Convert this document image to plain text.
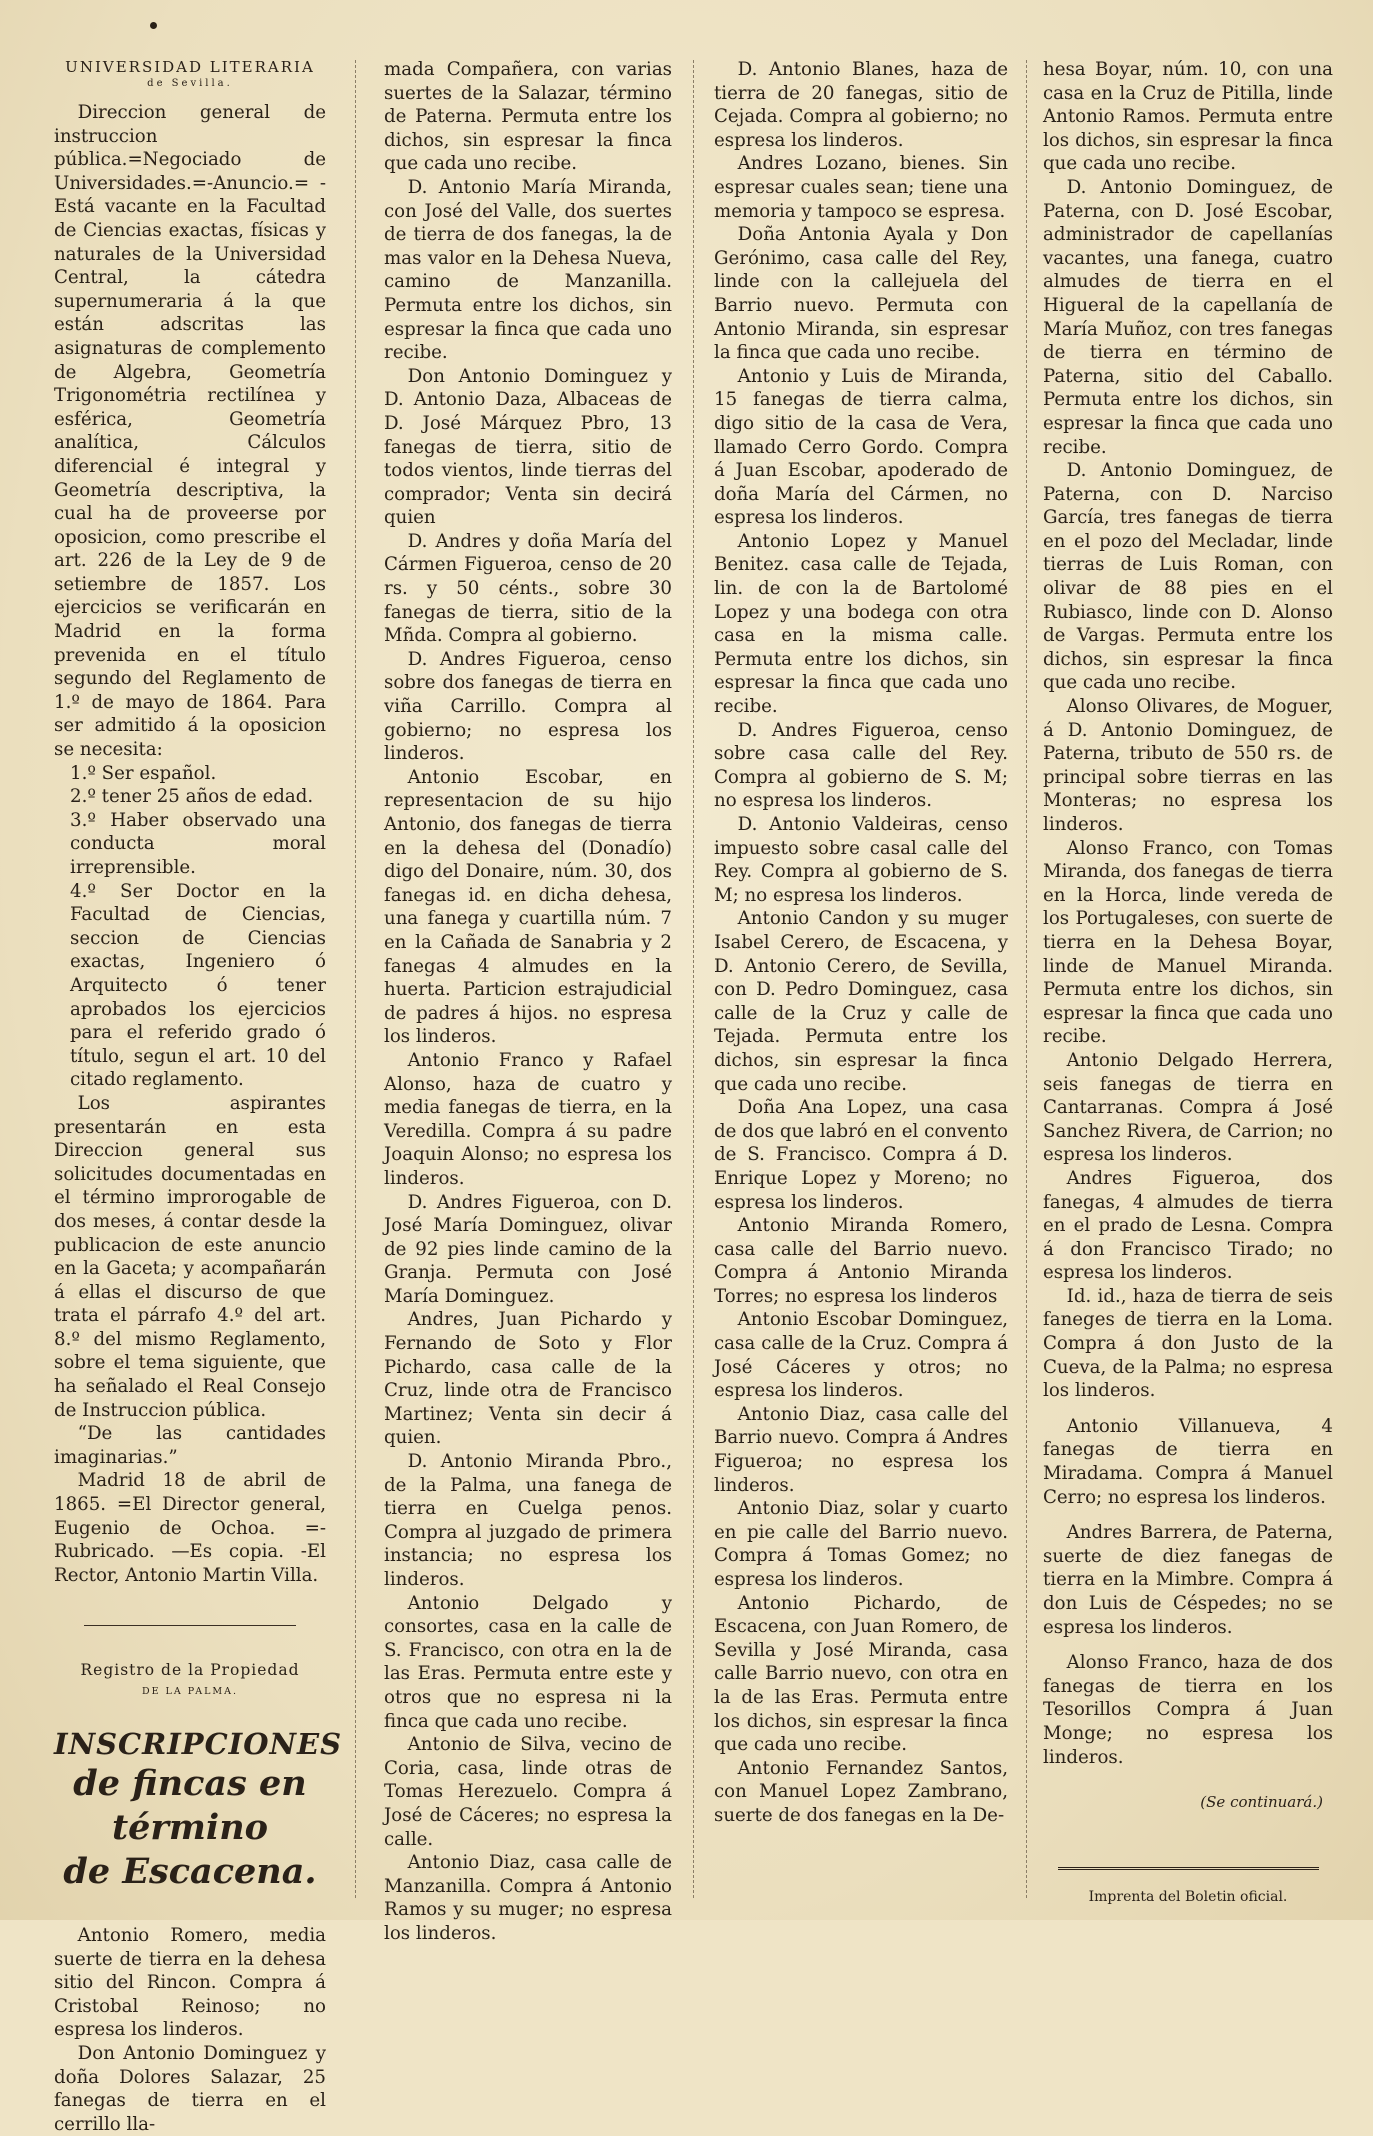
UNIVERSIDAD LITERARIA
de Sevilla.

Direccion general de instruccion pública.=Negociado de Universidades.=-Anuncio.= -Está vacante en la Facultad de Ciencias exactas, físicas y naturales de la Universidad Central, la cátedra supernumeraria á la que están adscritas las asignaturas de complemento de Algebra, Geometría Trigonométria rectilínea y esférica, Geometría analítica, Cálculos diferencial é integral y Geometría descriptiva, la cual ha de proveerse por oposicion, como prescribe el art. 226 de la Ley de 9 de setiembre de 1857. Los ejercicios se verificarán en Madrid en la forma prevenida en el título segundo del Reglamento de 1.º de mayo de 1864. Para ser admitido á la oposicion se necesita:

1.º Ser español.

2.º tener 25 años de edad.

3.º Haber observado una conducta moral irreprensible.

4.º Ser Doctor en la Facultad de Ciencias, seccion de Ciencias exactas, Ingeniero ó Arquitecto ó tener aprobados los ejercicios para el referido grado ó título, segun el art. 10 del citado reglamento.

Los aspirantes presentarán en esta Direccion general sus solicitudes documentadas en el término improrogable de dos meses, á contar desde la publicacion de este anuncio en la Gaceta; y acompañarán á ellas el discurso de que trata el párrafo 4.º del art. 8.º del mismo Reglamento, sobre el tema siguiente, que ha señalado el Real Consejo de Instruccion pública.

“De las cantidades imaginarias.”

Madrid 18 de abril de 1865. =El Director general, Eugenio de Ochoa. =-Rubricado. —Es copia. -El Rector, Antonio Martin Villa.

Registro de la Propiedad

DE LA PALMA.

INSCRIPCIONES

de fincas en término

de Escacena.

Antonio Romero, media suerte de tierra en la dehesa sitio del Rincon. Compra á Cristobal Reinoso; no espresa los linderos.

Don Antonio Dominguez y doña Dolores Salazar, 25 fanegas de tierra en el cerrillo lla-

mada Compañera, con varias suertes de la Salazar, término de Paterna. Permuta entre los dichos, sin espresar la finca que cada uno recibe.

D. Antonio María Miranda, con José del Valle, dos suertes de tierra de dos fanegas, la de mas valor en la Dehesa Nueva, camino de Manzanilla. Permuta entre los dichos, sin espresar la finca que cada uno recibe.

Don Antonio Dominguez y D. Antonio Daza, Albaceas de D. José Márquez Pbro, 13 fanegas de tierra, sitio de todos vientos, linde tierras del comprador; Venta sin decirá quien

D. Andres y doña María del Cármen Figueroa, censo de 20 rs. y 50 cénts., sobre 30 fanegas de tierra, sitio de la Mñda. Compra al gobierno.

D. Andres Figueroa, censo sobre dos fanegas de tierra en viña Carrillo. Compra al gobierno; no espresa los linderos.

Antonio Escobar, en representacion de su hijo Antonio, dos fanegas de tierra en la dehesa del (Donadío) digo del Donaire, núm. 30, dos fanegas id. en dicha dehesa, una fanega y cuartilla núm. 7 en la Cañada de Sanabria y 2 fanegas 4 almudes en la huerta. Particion estrajudicial de padres á hijos. no espresa los linderos.

Antonio Franco y Rafael Alonso, haza de cuatro y media fanegas de tierra, en la Veredilla. Compra á su padre Joaquin Alonso; no espresa los linderos.

D. Andres Figueroa, con D. José María Dominguez, olivar de 92 pies linde camino de la Granja. Permuta con José María Dominguez.

Andres, Juan Pichardo y Fernando de Soto y Flor Pichardo, casa calle de la Cruz, linde otra de Francisco Martinez; Venta sin decir á quien.

D. Antonio Miranda Pbro., de la Palma, una fanega de tierra en Cuelga penos. Compra al juzgado de primera instancia; no espresa los linderos.

Antonio Delgado y consortes, casa en la calle de S. Francisco, con otra en la de las Eras. Permuta entre este y otros que no espresa ni la finca que cada uno recibe.

Antonio de Silva, vecino de Coria, casa, linde otras de Tomas Herezuelo. Compra á José de Cáceres; no espresa la calle.

Antonio Diaz, casa calle de Manzanilla. Compra á Antonio Ramos y su muger; no espresa los linderos.

D. Antonio Blanes, haza de tierra de 20 fanegas, sitio de Cejada. Compra al gobierno; no espresa los linderos.

Andres Lozano, bienes. Sin espresar cuales sean; tiene una memoria y tampoco se espresa.

Doña Antonia Ayala y Don Gerónimo, casa calle del Rey, linde con la callejuela del Barrio nuevo. Permuta con Antonio Miranda, sin espresar la finca que cada uno recibe.

Antonio y Luis de Miranda, 15 fanegas de tierra calma, digo sitio de la casa de Vera, llamado Cerro Gordo. Compra á Juan Escobar, apoderado de doña María del Cármen, no espresa los linderos.

Antonio Lopez y Manuel Benitez. casa calle de Tejada, lin. de con la de Bartolomé Lopez y una bodega con otra casa en la misma calle. Permuta entre los dichos, sin espresar la finca que cada uno recibe.

D. Andres Figueroa, censo sobre casa calle del Rey. Compra al gobierno de S. M; no espresa los linderos.

D. Antonio Valdeiras, censo impuesto sobre casal calle del Rey. Compra al gobierno de S. M; no espresa los linderos.

Antonio Candon y su muger Isabel Cerero, de Escacena, y D. Antonio Cerero, de Sevilla, con D. Pedro Dominguez, casa calle de la Cruz y calle de Tejada. Permuta entre los dichos, sin espresar la finca que cada uno recibe.

Doña Ana Lopez, una casa de dos que labró en el convento de S. Francisco. Compra á D. Enrique Lopez y Moreno; no espresa los linderos.

Antonio Miranda Romero, casa calle del Barrio nuevo. Compra á Antonio Miranda Torres; no espresa los linderos

Antonio Escobar Dominguez, casa calle de la Cruz. Compra á José Cáceres y otros; no espresa los linderos.

Antonio Diaz, casa calle del Barrio nuevo. Compra á Andres Figueroa; no espresa los linderos.

Antonio Diaz, solar y cuarto en pie calle del Barrio nuevo. Compra á Tomas Gomez; no espresa los linderos.

Antonio Pichardo, de Escacena, con Juan Romero, de Sevilla y José Miranda, casa calle Barrio nuevo, con otra en la de las Eras. Permuta entre los dichos, sin espresar la finca que cada uno recibe.

Antonio Fernandez Santos, con Manuel Lopez Zambrano, suerte de dos fanegas en la De-

hesa Boyar, núm. 10, con una casa en la Cruz de Pitilla, linde Antonio Ramos. Permuta entre los dichos, sin espresar la finca que cada uno recibe.

D. Antonio Dominguez, de Paterna, con D. José Escobar, administrador de capellanías vacantes, una fanega, cuatro almudes de tierra en el Higueral de la capellanía de María Muñoz, con tres fanegas de tierra en término de Paterna, sitio del Caballo. Permuta entre los dichos, sin espresar la finca que cada uno recibe.

D. Antonio Dominguez, de Paterna, con D. Narciso García, tres fanegas de tierra en el pozo del Mecladar, linde tierras de Luis Roman, con olivar de 88 pies en el Rubiasco, linde con D. Alonso de Vargas. Permuta entre los dichos, sin espresar la finca que cada uno recibe.

Alonso Olivares, de Moguer, á D. Antonio Dominguez, de Paterna, tributo de 550 rs. de principal sobre tierras en las Monteras; no espresa los linderos.

Alonso Franco, con Tomas Miranda, dos fanegas de tierra en la Horca, linde vereda de los Portugaleses, con suerte de tierra en la Dehesa Boyar, linde de Manuel Miranda. Permuta entre los dichos, sin espresar la finca que cada uno recibe.

Antonio Delgado Herrera, seis fanegas de tierra en Cantarranas. Compra á José Sanchez Rivera, de Carrion; no espresa los linderos.

Andres Figueroa, dos fanegas, 4 almudes de tierra en el prado de Lesna. Compra á don Francisco Tirado; no espresa los linderos.

Id. id., haza de tierra de seis faneges de tierra en la Loma. Compra á don Justo de la Cueva, de la Palma; no espresa los linderos.

Antonio Villanueva, 4 fanegas de tierra en Miradama. Compra á Manuel Cerro; no espresa los linderos.

Andres Barrera, de Paterna, suerte de diez fanegas de tierra en la Mimbre. Compra á don Luis de Céspedes; no se espresa los linderos.

Alonso Franco, haza de dos fanegas de tierra en los Tesorillos Compra á Juan Monge; no espresa los linderos.

(Se continuará.)

Imprenta del Boletin oficial.
